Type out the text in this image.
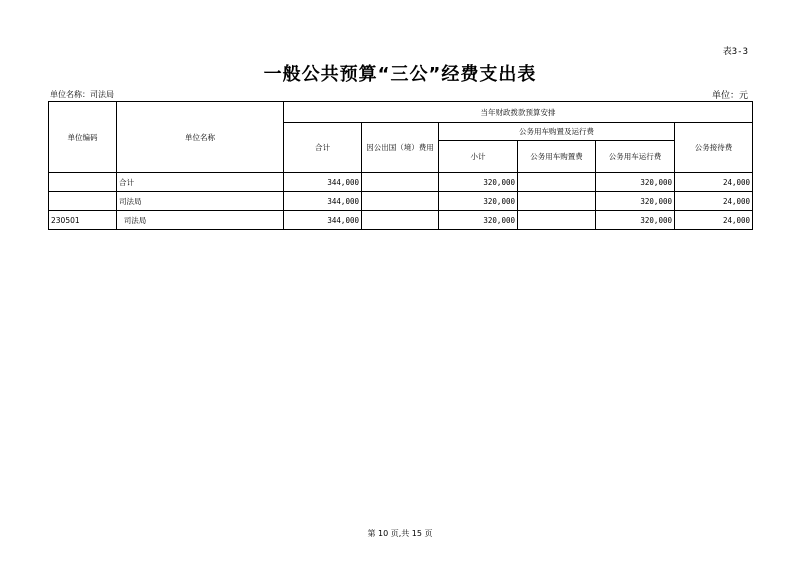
表3-3
一般公共预算“三公”经费支出表
单位名称：司法局	单位：元
单位编码	单位名称	当年财政拨款预算安排					
		合计	因公出国（境）费用	公务用车购置及运行费			公务接待费
				小计	公务用车购置费	公务用车运行费	
	合计	344,000		320,000		320,000	24,000
	司法局	344,000		320,000		320,000	24,000
230501	司法局	344,000		320,000		320,000	24,000
第 10 页,共 15 页
